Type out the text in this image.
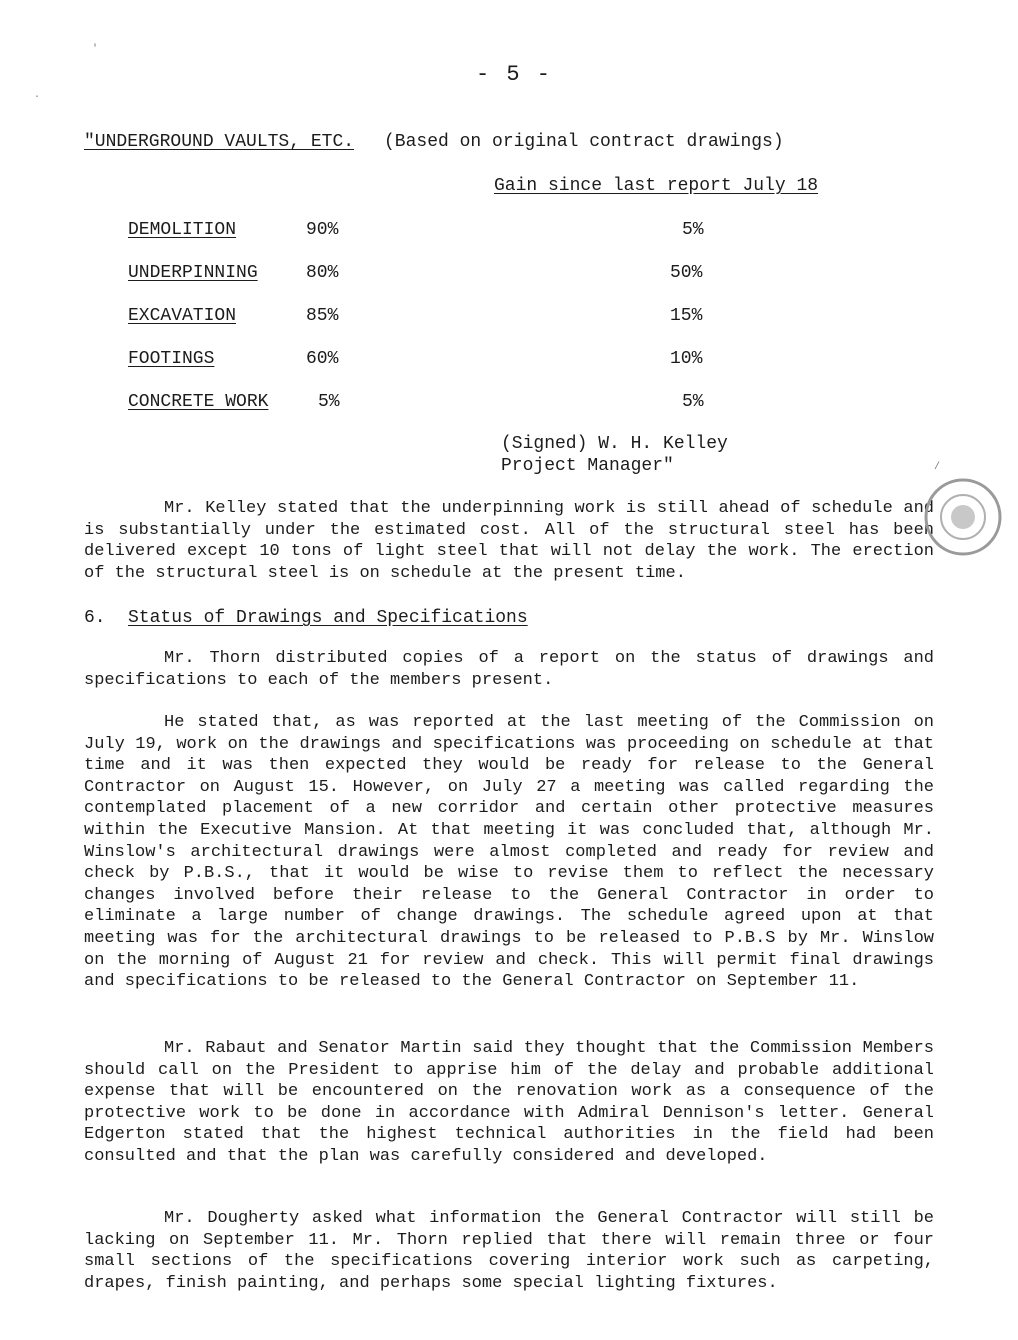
- 5 -
"UNDERGROUND VAULTS, ETC. (Based on original contract drawings)
Gain since last report July 18
DEMOLITION	90%	5%
UNDERPINNING	80%	50%
EXCAVATION	85%	15%
FOOTINGS	60%	10%
CONCRETE WORK	5%	5%
(Signed) W. H. Kelley
Project Manager"
Mr. Kelley stated that the underpinning work is still ahead of schedule and is substantially under the estimated cost. All of the structural steel has been delivered except 10 tons of light steel that will not delay the work. The erection of the structural steel is on schedule at the present time.
6. Status of Drawings and Specifications
Mr. Thorn distributed copies of a report on the status of drawings and specifications to each of the members present.
He stated that, as was reported at the last meeting of the Commission on July 19, work on the drawings and specifications was proceeding on schedule at that time and it was then expected they would be ready for release to the General Contractor on August 15. However, on July 27 a meeting was called regarding the contemplated placement of a new corridor and certain other protective measures within the Executive Mansion. At that meeting it was concluded that, although Mr. Winslow's architectural drawings were almost completed and ready for review and check by P.B.S., that it would be wise to revise them to reflect the necessary changes involved before their release to the General Contractor in order to eliminate a large number of change drawings. The schedule agreed upon at that meeting was for the architectural drawings to be released to P.B.S by Mr. Winslow on the morning of August 21 for review and check. This will permit final drawings and specifications to be released to the General Contractor on September 11.
Mr. Rabaut and Senator Martin said they thought that the Commission Members should call on the President to apprise him of the delay and probable additional expense that will be encountered on the renovation work as a consequence of the protective work to be done in accordance with Admiral Dennison's letter. General Edgerton stated that the highest technical authorities in the field had been consulted and that the plan was carefully considered and developed.
Mr. Dougherty asked what information the General Contractor will still be lacking on September 11. Mr. Thorn replied that there will remain three or four small sections of the specifications covering interior work such as carpeting, drapes, finish painting, and perhaps some special lighting fixtures.
'
.
/
